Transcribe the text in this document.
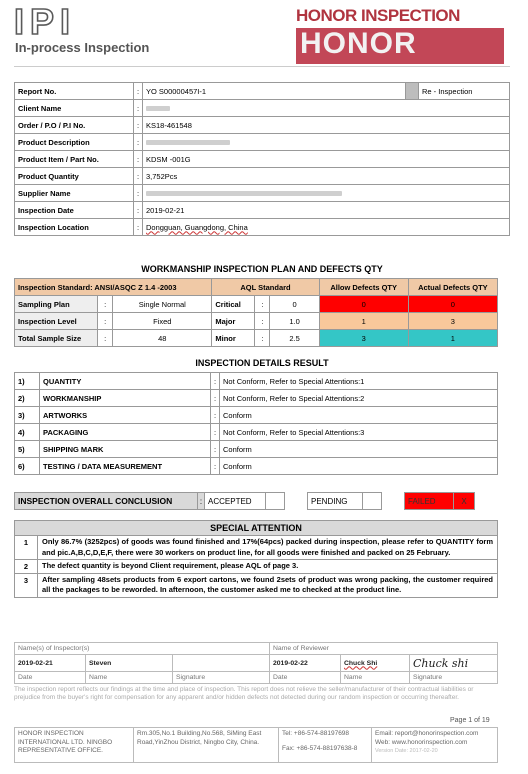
IPI
In-process Inspection
HONOR INSPECTION
HONOR
Report No.	:	YO S00000457I-1		Re - Inspection
Client Name	:			
Order / P.O / P.I No.	:	KS18-461548		
Product Description	:			
Product Item / Part No.	:	KDSM -001G		
Product Quantity	:	3,752Pcs		
Supplier Name	:			
Inspection Date	:	2019-02-21		
Inspection Location	:	Dongguan, Guangdong, China		
WORKMANSHIP INSPECTION PLAN AND DEFECTS QTY
Inspection Standard: ANSI/ASQC Z 1.4 -2003			AQL Standard			Allow Defects QTY	Actual Defects QTY
Sampling Plan	:	Single Normal	Critical	:	0	0	0
Inspection Level	:	Fixed	Major	:	1.0	1	3
Total Sample Size	:	48	Minor	:	2.5	3	1
INSPECTION DETAILS RESULT
1)	QUANTITY	:	Not Conform, Refer to Special Attentions:1
2)	WORKMANSHIP	:	Not Conform, Refer to Special Attentions:2
3)	ARTWORKS	:	Conform
4)	PACKAGING	:	Not Conform, Refer to Special Attentions:3
5)	SHIPPING MARK	:	Conform
6)	TESTING / DATA MEASUREMENT	:	Conform
INSPECTION OVERALL CONCLUSION	:	ACCEPTED			PENDING			FAILED	X	
SPECIAL ATTENTION	
1	Only 86.7% (3252pcs) of goods was found finished and 17%(64pcs) packed during inspection, please refer to QUANTITY form and pic.A,B,C,D,E,F, there were 30 workers on product line, for all goods were finished and packed on 25 February.
2	The defect quantity is beyond Client requirement, please AQL of page 3.
3	After sampling 48sets products from 6 export cartons, we found 2sets of product was wrong packing, the customer required all the packages to be reworded. In afternoon, the customer asked me to checked at the product line.
Name(s) of Inspector(s)			Name of Reviewer		
2019-02-21	Steven		2019-02-22	Chuck Shi	Chuck shi
Date	Name	Signature	Date	Name	Signature
The inspection report reflects our findings at the time and place of inspection. This report does not relieve the seller/manufacturer of their contractual liabilities or prejudice from the buyer's right for compensation for any apparent and/or hidden defects not detected during our random inspection or occurring thereafter.
Page 1 of 19
HONOR INSPECTION INTERNATIONAL LTD. NINGBO REPRESENTATIVE OFFICE.	Rm.305,No.1 Building,No.568, SiMing East Road,YinZhou District, Ningbo City, China.	
Tel: +86-574-88197698
Fax: +86-574-88197638-8

Email: report@honorinspection.com
Web: www.honorinspection.com
Version Date: 2017-02-20
